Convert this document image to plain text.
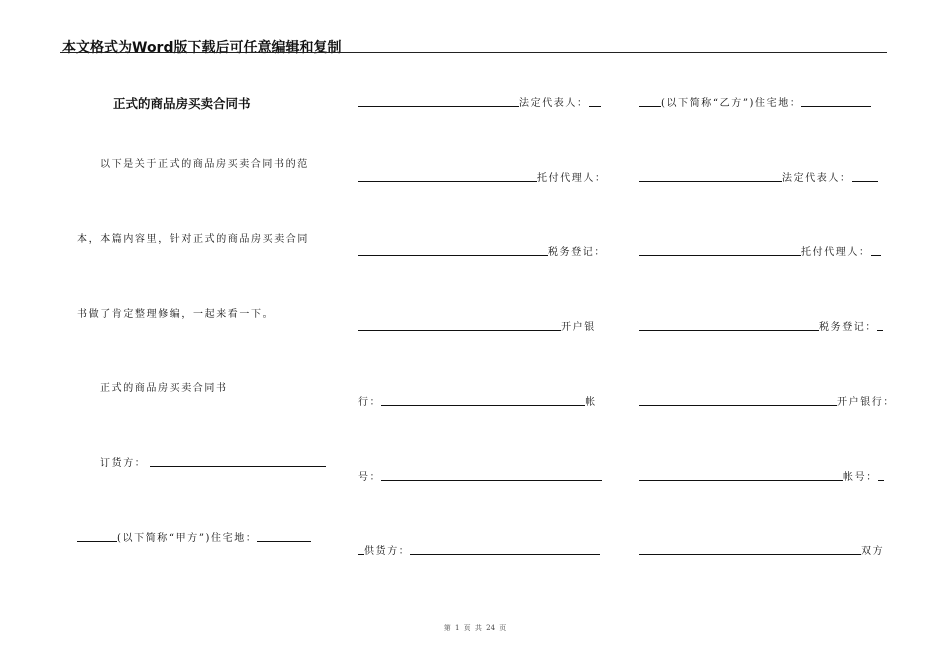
本文格式为Word版下载后可任意编辑和复制
正式的商品房买卖合同书
以下是关于正式的商品房买卖合同书的范
本，本篇内容里，针对正式的商品房买卖合同
书做了肯定整理修编，一起来看一下。
正式的商品房买卖合同书
订货方：
(以下简称“甲方”)住宅地：
法定代表人：
托付代理人：
税务登记：
开户银
行：	帐
号：
供货方：
(以下简称“乙方”)住宅地：
法定代表人：
托付代理人：
税务登记：
开户银行：
帐号：
双方
第 1 页 共 24 页
